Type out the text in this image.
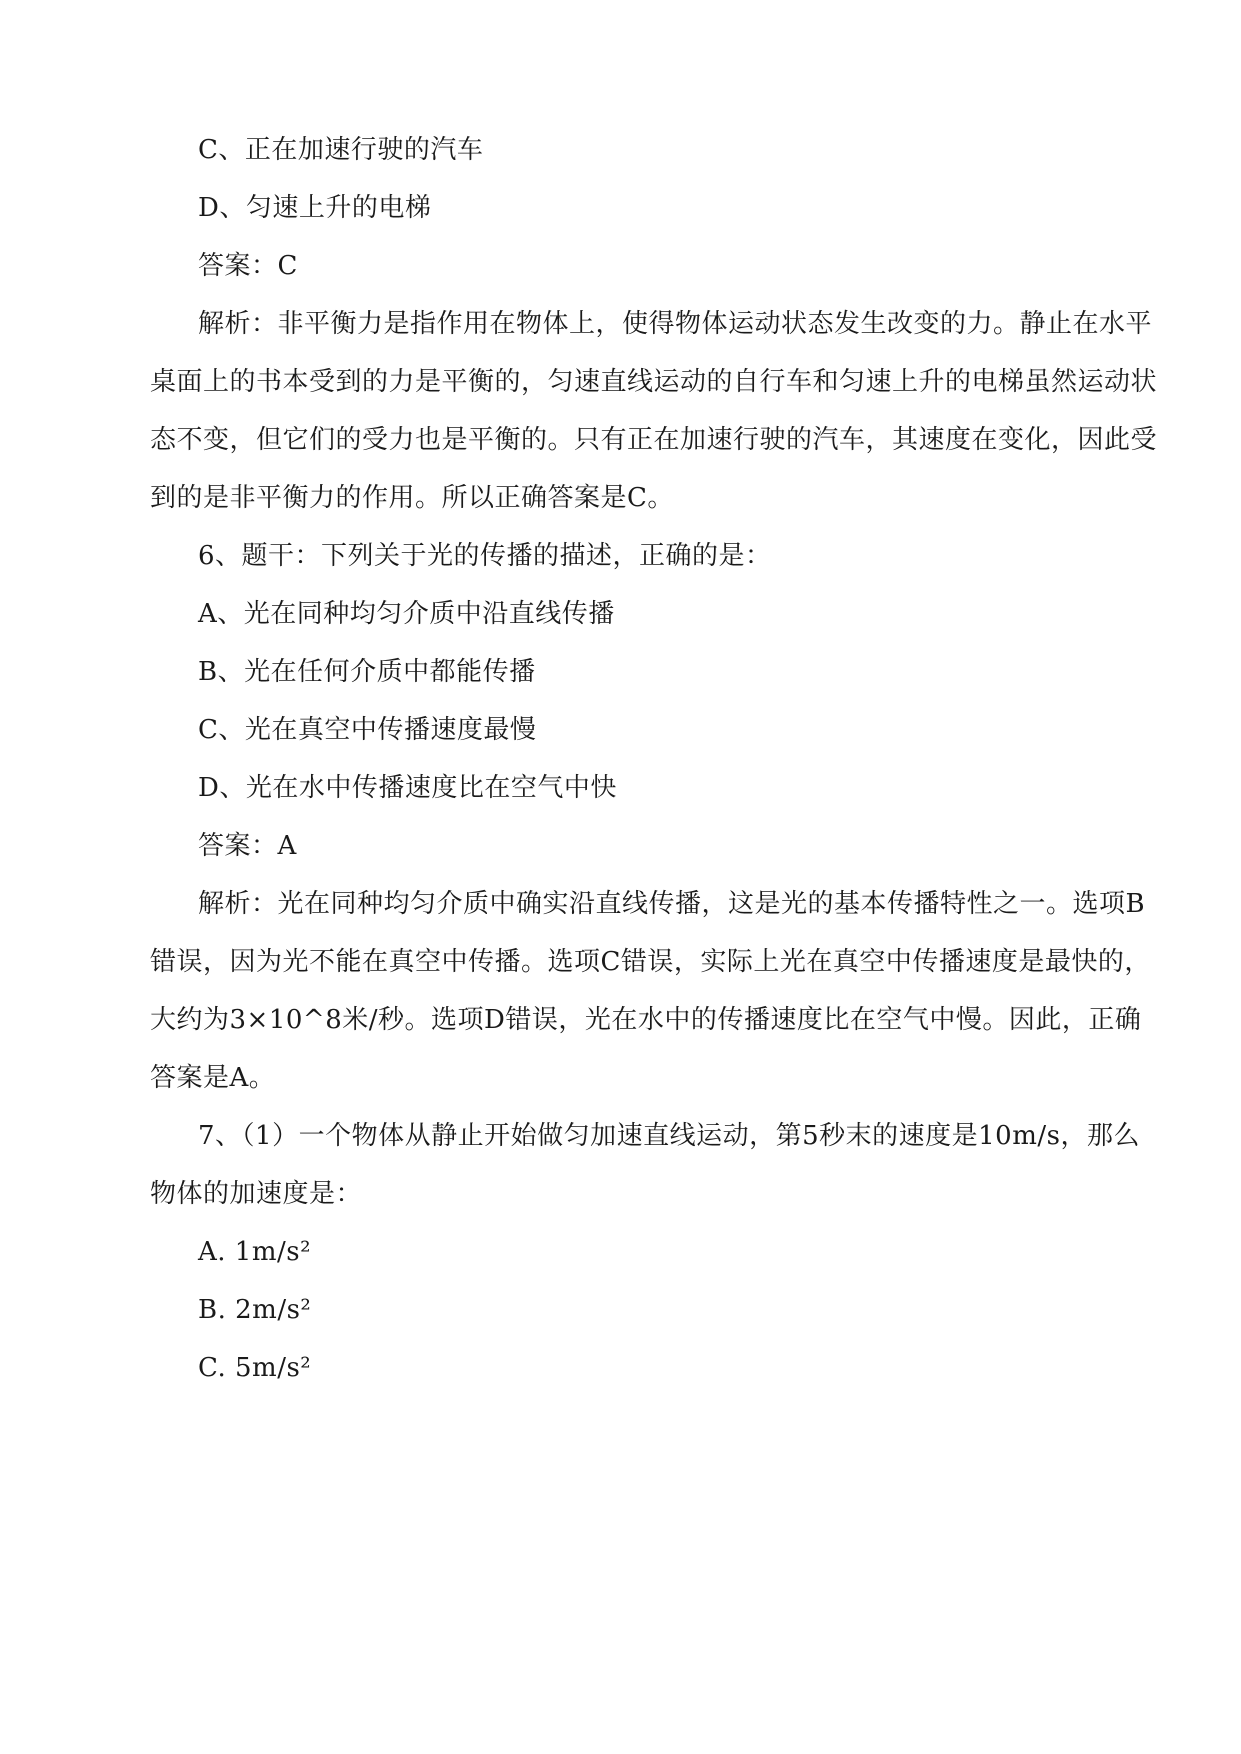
C、正在加速行驶的汽车
D、匀速上升的电梯
答案：C
解析：非平衡力是指作用在物体上，使得物体运动状态发生改变的力。静止在水平
桌面上的书本受到的力是平衡的，匀速直线运动的自行车和匀速上升的电梯虽然运动状
态不变，但它们的受力也是平衡的。只有正在加速行驶的汽车，其速度在变化，因此受
到的是非平衡力的作用。所以正确答案是C。
6、题干：下列关于光的传播的描述，正确的是：
A、光在同种均匀介质中沿直线传播
B、光在任何介质中都能传播
C、光在真空中传播速度最慢
D、光在水中传播速度比在空气中快
答案：A
解析：光在同种均匀介质中确实沿直线传播，这是光的基本传播特性之一。选项B
错误，因为光不能在真空中传播。选项C错误，实际上光在真空中传播速度是最快的，
大约为3×10^8米/秒。选项D错误，光在水中的传播速度比在空气中慢。因此，正确
答案是A。
7、（1）一个物体从静止开始做匀加速直线运动，第5秒末的速度是10m/s，那么
物体的加速度是：
A. 1m/s²
B. 2m/s²
C. 5m/s²
